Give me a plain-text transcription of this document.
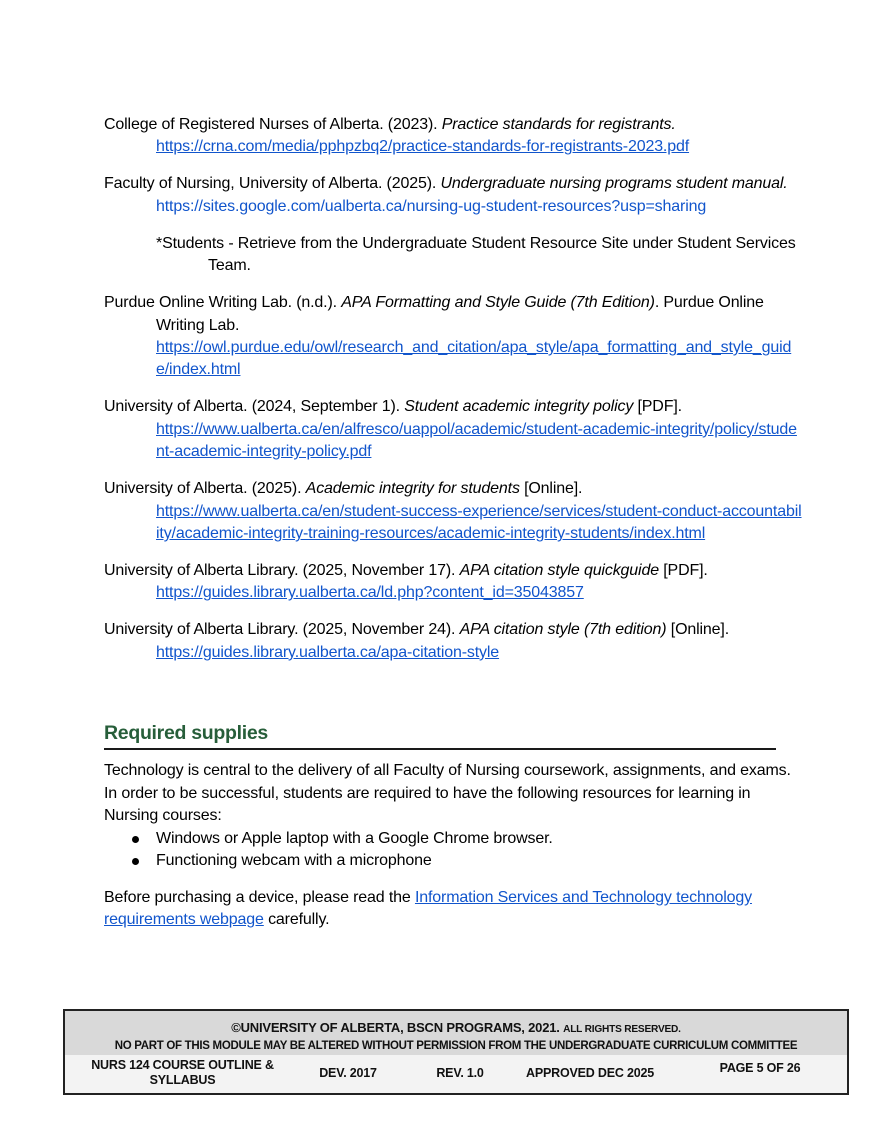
College of Registered Nurses of Alberta. (2023). Practice standards for registrants.
https://crna.com/media/pphpzbq2/practice-standards-for-registrants-2023.pdf

Faculty of Nursing, University of Alberta. (2025). Undergraduate nursing programs student manual.
https://sites.google.com/ualberta.ca/nursing-ug-student-resources?usp=sharing

*Students - Retrieve from the Undergraduate Student Resource Site under Student Services Team.

Purdue Online Writing Lab. (n.d.). APA Formatting and Style Guide (7th Edition). Purdue Online Writing Lab.
https://owl.purdue.edu/owl/research_and_citation/apa_style/apa_formatting_and_style_guide/index.html

University of Alberta. (2024, September 1). Student academic integrity policy [PDF].
https://www.ualberta.ca/en/alfresco/uappol/academic/student-academic-integrity/policy/student-academic-integrity-policy.pdf

University of Alberta. (2025). Academic integrity for students [Online].
https://www.ualberta.ca/en/student-success-experience/services/student-conduct-accountability/academic-integrity-training-resources/academic-integrity-students/index.html

University of Alberta Library. (2025, November 17). APA citation style quickguide [PDF].
https://guides.library.ualberta.ca/ld.php?content_id=35043857

University of Alberta Library. (2025, November 24). APA citation style (7th edition) [Online]. https://guides.library.ualberta.ca/apa-citation-style

Required supplies

Technology is central to the delivery of all Faculty of Nursing coursework, assignments, and exams. In order to be successful, students are required to have the following resources for learning in Nursing courses:

Windows or Apple laptop with a Google Chrome browser.
Functioning webcam with a microphone

Before purchasing a device, please read the Information Services and Technology technology requirements webpage carefully.

©UNIVERSITY OF ALBERTA, BSCN PROGRAMS, 2021. ALL RIGHTS RESERVED.
NO PART OF THIS MODULE MAY BE ALTERED WITHOUT PERMISSION FROM THE UNDERGRADUATE CURRICULUM COMMITTEE
NURS 124 COURSE OUTLINE & SYLLABUS	DEV. 2017	REV. 1.0	APPROVED DEC 2025	PAGE 5 OF 26
